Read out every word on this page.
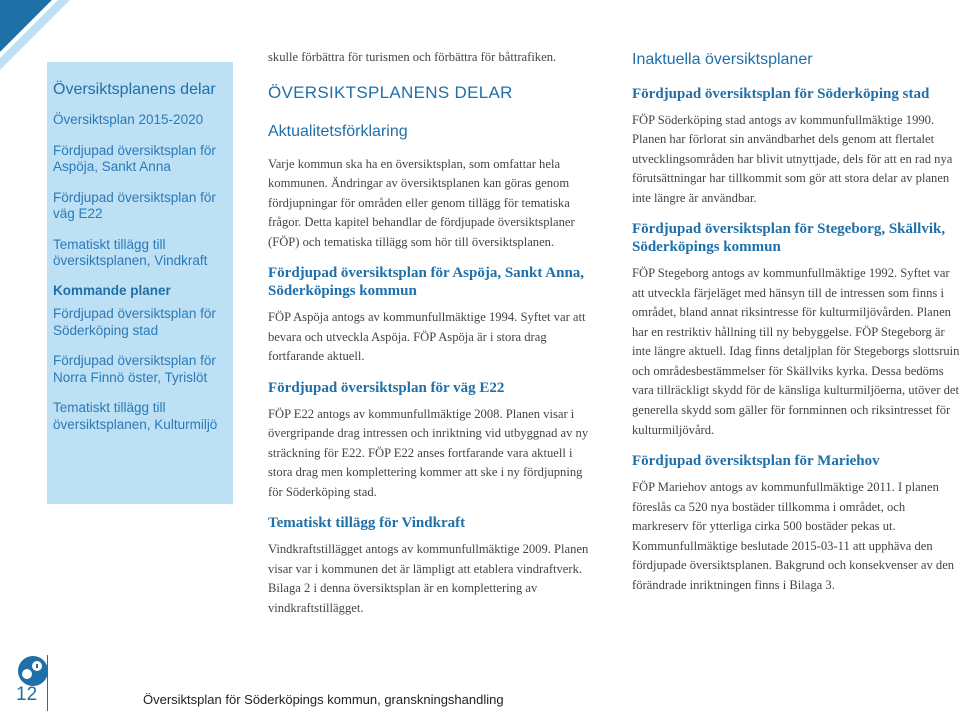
Översiktsplanens delar
Översiktsplan 2015-2020
Fördjupad översiktsplan för Aspöja, Sankt Anna
Fördjupad översiktsplan för väg E22
Tematiskt tillägg till översiktsplanen, Vindkraft
Kommande planer
Fördjupad översiktsplan för Söderköping stad
Fördjupad översiktsplan för Norra Finnö öster, Tyrislöt
Tematiskt tillägg till översiktsplanen, Kulturmiljö

skulle förbättra för turismen och förbättra för båttrafiken.

ÖVERSIKTSPLANENS DELAR
Aktualitetsförklaring

Varje kommun ska ha en översiktsplan, som omfattar hela kommunen. Ändringar av översiktsplanen kan göras genom fördjupningar för områden eller genom tillägg för tematiska frågor. Detta kapitel behandlar de fördjupade översiktsplaner (FÖP) och tematiska tillägg som hör till översiktsplanen.

Fördjupad översiktsplan för Aspöja, Sankt Anna, Söderköpings kommun

FÖP Aspöja antogs av kommunfullmäktige 1994. Syftet var att bevara och utveckla Aspöja. FÖP Aspöja är i stora drag fortfarande aktuell.

Fördjupad översiktsplan för väg E22

FÖP E22 antogs av kommunfullmäktige 2008. Planen visar i övergripande drag intressen och inriktning vid utbyggnad av ny sträckning för E22. FÖP E22 anses fortfarande vara aktuell i stora drag men komplettering kommer att ske i ny fördjupning för Söderköping stad.

Tematiskt tillägg för Vindkraft

Vindkraftstillägget antogs av kommunfullmäktige 2009. Planen visar var i kommunen det är lämpligt att etablera vindraftverk. Bilaga 2 i denna översiktsplan är en komplettering av vindkraftstillägget.

Inaktuella översiktsplaner
Fördjupad översiktsplan för Söderköping stad

FÖP Söderköping stad antogs av kommunfullmäktige 1990. Planen har förlorat sin användbarhet dels genom att flertalet utvecklingsområden har blivit utnyttjade, dels för att en rad nya förutsättningar har tillkommit som gör att stora delar av planen inte längre är användbar.

Fördjupad översiktsplan för Stegeborg, Skällvik, Söderköpings kommun

FÖP Stegeborg antogs av kommunfullmäktige 1992. Syftet var att utveckla färjeläget med hänsyn till de intressen som finns i området, bland annat riksintresse för kulturmiljövården. Planen har en restriktiv hållning till ny bebyggelse. FÖP Stegeborg är inte längre aktuell. Idag finns detaljplan för Stegeborgs slottsruin och områdesbestämmelser för Skällviks kyrka. Dessa bedöms vara tillräckligt skydd för de känsliga kulturmiljöerna, utöver det generella skydd som gäller för fornminnen och riksintresset för kulturmiljövård.

Fördjupad översiktsplan för Mariehov

FÖP Mariehov antogs av kommunfullmäktige 2011. I planen föreslås ca 520 nya bostäder tillkomma i området, och markreserv för ytterliga cirka 500 bostäder pekas ut. Kommunfullmäktige beslutade 2015-03-11 att upphäva den fördjupade översiktsplanen. Bakgrund och konsekvenser av den förändrade inriktningen finns i Bilaga 3.

12	Översiktsplan för Söderköpings kommun, granskningshandling
